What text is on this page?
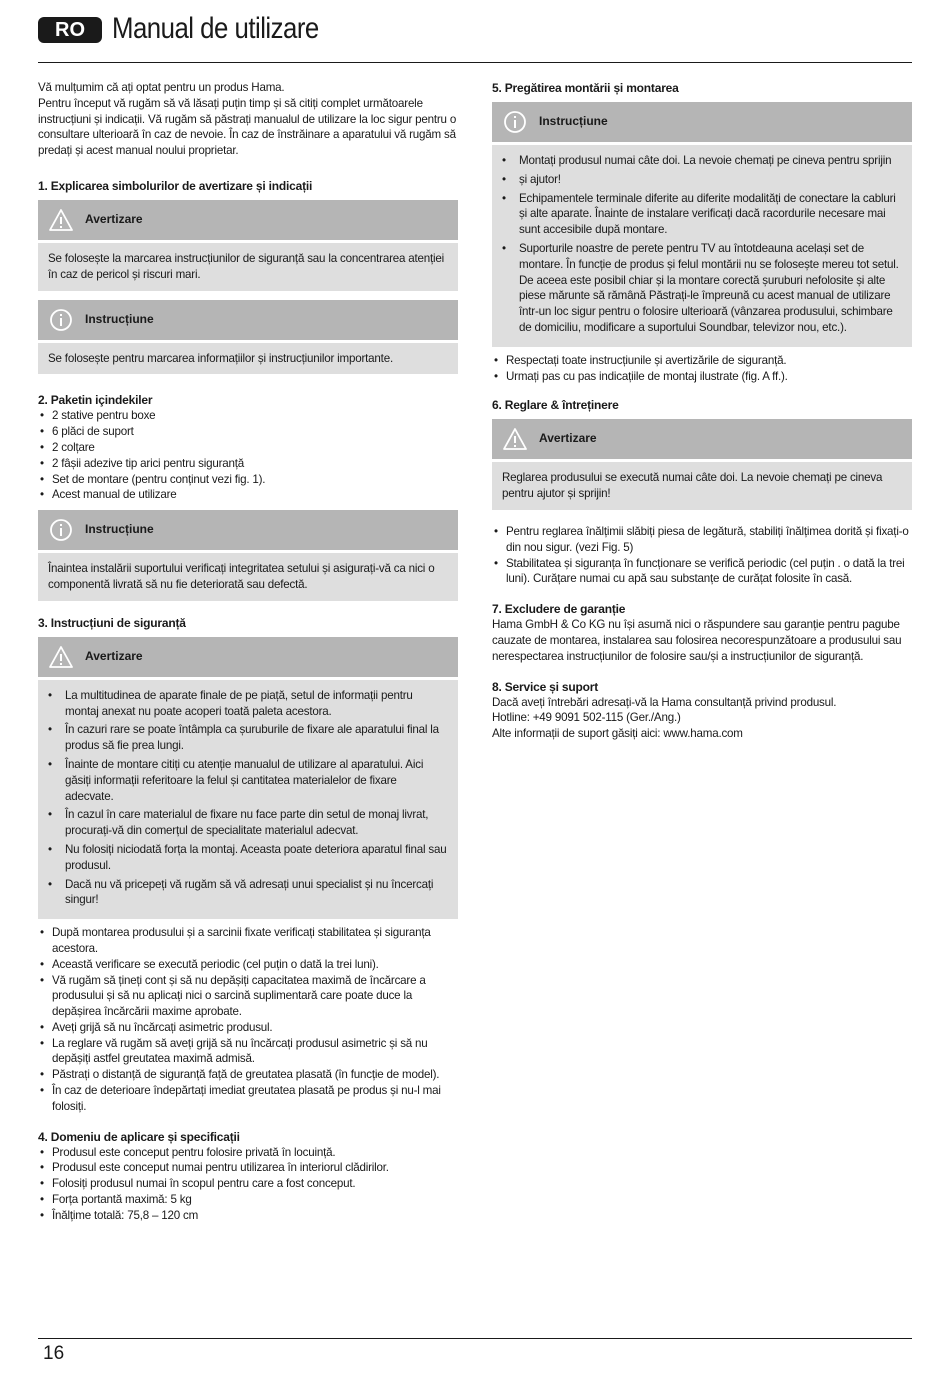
RO Manual de utilizare

Vă mulțumim că ați optat pentru un produs Hama.

Pentru început vă rugăm să vă lăsați puțin timp și să citiți complet următoarele instrucțiuni și indicații. Vă rugăm să păstrați manualul de utilizare la loc sigur pentru o consultare ulterioară în caz de nevoie. În caz de înstrăinare a aparatului vă rugăm să predați și acest manual noului proprietar.

1. Explicarea simbolurilor de avertizare și indicații

Avertizare

Se folosește la marcarea instrucțiunilor de siguranță sau la concentrarea atenției în caz de pericol și riscuri mari.

Instrucțiune

Se folosește pentru marcarea informațiilor și instrucțiunilor importante.

2. Paketin içindekiler

• 2 stative pentru boxe
• 6 plăci de suport
• 2 colțare
• 2 fâșii adezive tip arici pentru siguranță
• Set de montare (pentru conținut vezi fig. 1).
• Acest manual de utilizare
Instrucțiune

Înaintea instalării suportului verificați integritatea setului și asigurați-vă ca nici o componentă livrată să nu fie deteriorată sau defectă.

3. Instrucțiuni de siguranță

Avertizare
• La multitudinea de aparate finale de pe piață, setul de informații pentru montaj anexat nu poate acoperi toată paleta acestora.
• În cazuri rare se poate întâmpla ca șuruburile de fixare ale aparatului final la produs să fie prea lungi.
• Înainte de montare citiți cu atenție manualul de utilizare al aparatului. Aici găsiți informații referitoare la felul și cantitatea materialelor de fixare adecvate.
• În cazul în care materialul de fixare nu face parte din setul de monaj livrat, procurați-vă din comerțul de specialitate materialul adecvat.
• Nu folosiți niciodată forța la montaj. Aceasta poate deteriora aparatul final sau produsul.
• Dacă nu vă pricepeți vă rugăm să vă adresați unui specialist și nu încercați singur!
• După montarea produsului și a sarcinii fixate verificați stabilitatea și siguranța acestora.
• Această verificare se execută periodic (cel puțin o dată la trei luni).
• Vă rugăm să țineți cont și să nu depășiți capacitatea maximă de încărcare a produsului și să nu aplicați nici o sarcină suplimentară care poate duce la depășirea încărcării maxime aprobate.
• Aveți grijă să nu încărcați asimetric produsul.
• La reglare vă rugăm să aveți grijă să nu încărcați produsul asimetric și să nu depășiți astfel greutatea maximă admisă.
• Păstrați o distanță de siguranță față de greutatea plasată (în funcție de model).
• În caz de deterioare îndepărtați imediat greutatea plasată pe produs și nu-l mai folosiți.

4. Domeniu de aplicare și specificații

• Produsul este conceput pentru folosire privată în locuință.
• Produsul este conceput numai pentru utilizarea în interiorul clădirilor.
• Folosiți produsul numai în scopul pentru care a fost conceput.
• Forța portantă maximă: 5 kg
• Înălțime totală: 75,8 – 120 cm

5. Pregătirea montării și montarea

Instrucțiune
• Montați produsul numai câte doi. La nevoie chemați pe cineva pentru sprijin
• și ajutor!
• Echipamentele terminale diferite au diferite modalități de conectare la cabluri și alte aparate. Înainte de instalare verificați dacă racordurile necesare mai sunt accesibile după montare.
• Suporturile noastre de perete pentru TV au întotdeauna același set de montare. În funcție de produs și felul montării nu se folosește mereu tot setul. De aceea este posibil chiar și la montare corectă șuruburi nefolosite și alte piese mărunte să rămână Păstrați-le împreună cu acest manual de utilizare într-un loc sigur pentru o folosire ulterioară (vânzarea produsului, schimbare de domiciliu, modificare a suportului Soundbar, televizor nou, etc.).
• Respectați toate instrucțiunile și avertizările de siguranță.
• Urmați pas cu pas indicațiile de montaj ilustrate (fig. A ff.).

6. Reglare & întreținere

Avertizare

Reglarea produsului se execută numai câte doi. La nevoie chemați pe cineva pentru ajutor și sprijin!

• Pentru reglarea înălțimii slăbiți piesa de legătură, stabiliți înălțimea dorită și fixați-o din nou sigur. (vezi Fig. 5)
• Stabilitatea și siguranța în funcționare se verifică periodic (cel puțin . o dată la trei luni). Curățare numai cu apă sau substanțe de curățat folosite în casă.

7. Excludere de garanție

Hama GmbH & Co KG nu își asumă nici o răspundere sau garanție pentru pagube cauzate de montarea, instalarea sau folosirea necorespunzătoare a produsului sau nerespectarea instrucțiunilor de folosire sau/și a instrucțiunilor de siguranță.

8. Service și suport

Dacă aveți întrebări adresați-vă la Hama consultanță privind produsul.

Hotline: +49 9091 502-115 (Ger./Ang.)

Alte informații de suport găsiți aici: www.hama.com

16
